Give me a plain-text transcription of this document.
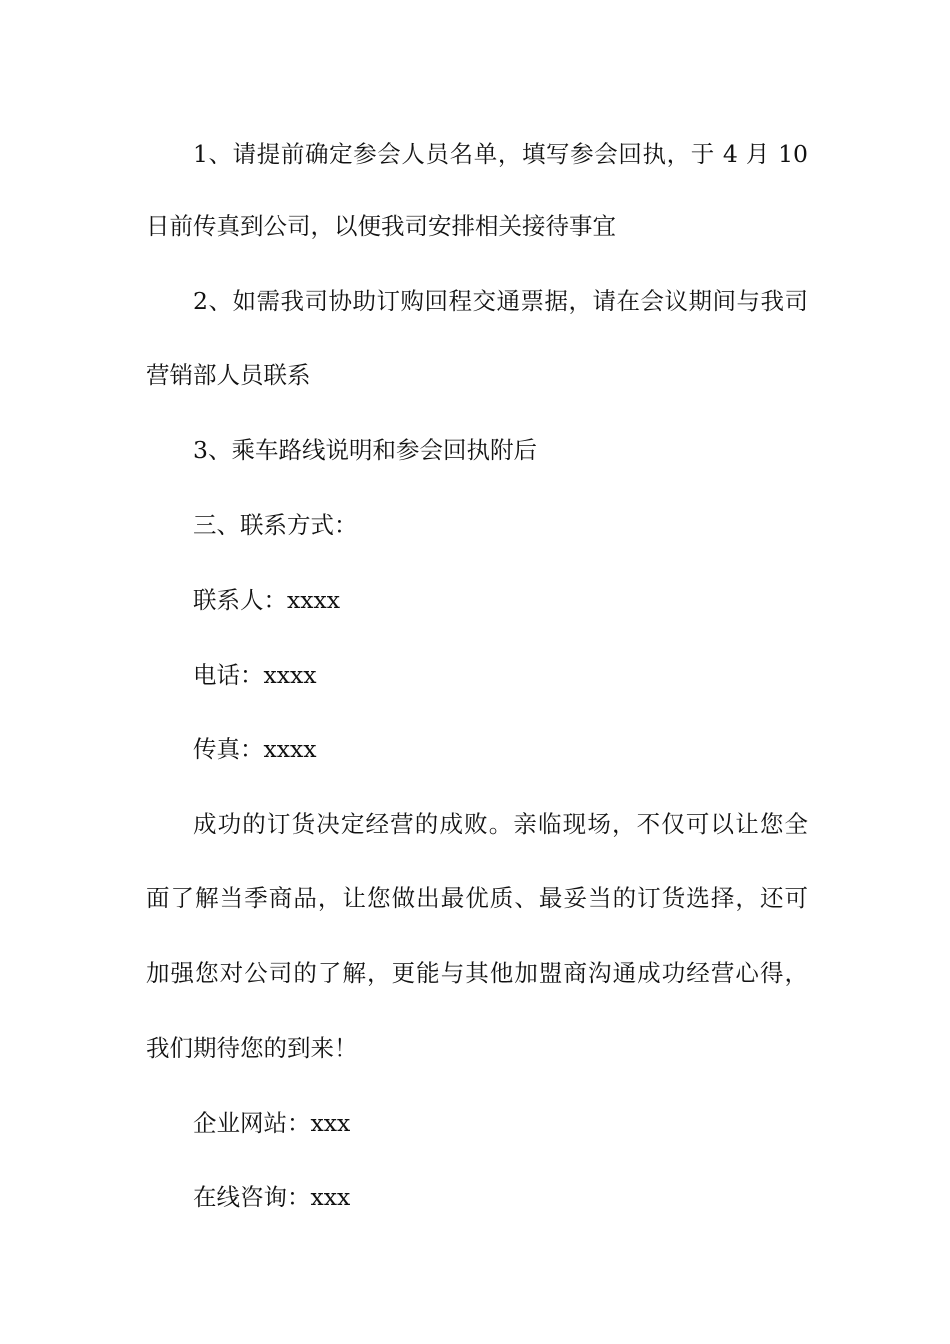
1、请提前确定参会人员名单，填写参会回执，于 4 月 10
日前传真到公司，以便我司安排相关接待事宜
2、如需我司协助订购回程交通票据，请在会议期间与我司
营销部人员联系
3、乘车路线说明和参会回执附后
三、联系方式：
联系人：xxxx
电话：xxxx
传真：xxxx
成功的订货决定经营的成败。亲临现场，不仅可以让您全
面了解当季商品，让您做出最优质、最妥当的订货选择，还可
加强您对公司的了解，更能与其他加盟商沟通成功经营心得，
我们期待您的到来！
企业网站：xxx
在线咨询：xxx
